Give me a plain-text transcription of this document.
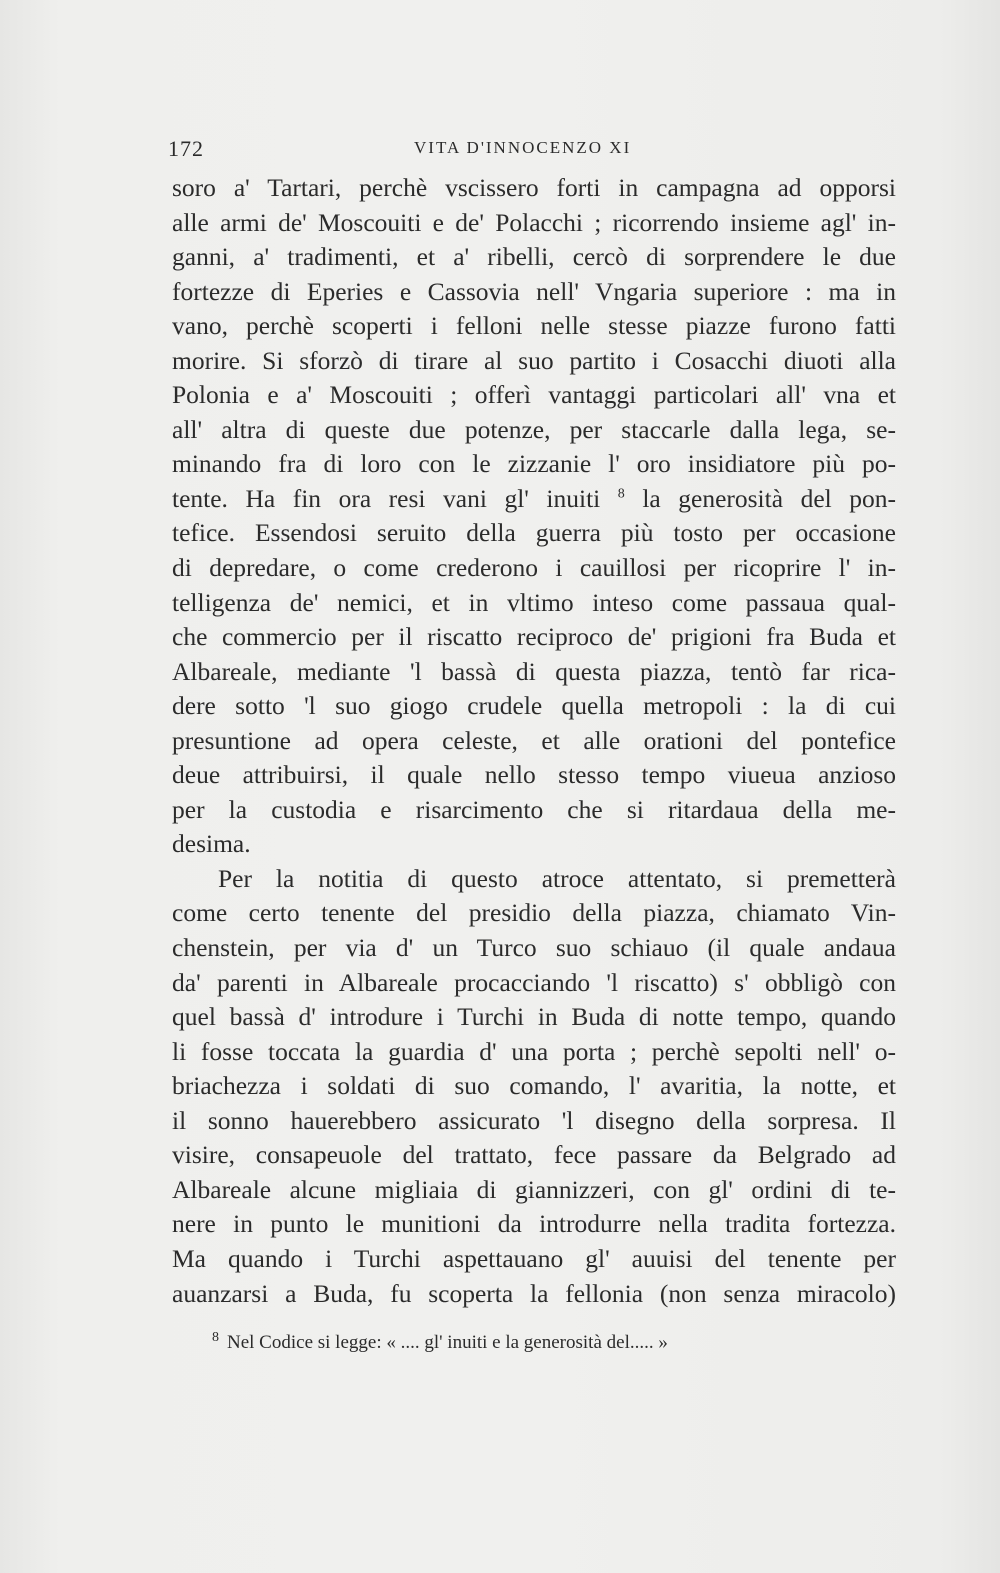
172	VITA D'INNOCENZO XI
soro a' Tartari, perchè vscissero forti in campagna ad opporsi
alle armi de' Moscouiti e de' Polacchi ; ricorrendo insieme agl' in-
ganni, a' tradimenti, et a' ribelli, cercò di sorprendere le due
fortezze di Eperies e Cassovia nell' Vngaria superiore : ma in
vano, perchè scoperti i felloni nelle stesse piazze furono fatti
morire. Si sforzò di tirare al suo partito i Cosacchi diuoti alla
Polonia e a' Moscouiti ; offerì vantaggi particolari all' vna et
all' altra di queste due potenze, per staccarle dalla lega, se-
minando fra di loro con le zizzanie l' oro insidiatore più po-
tente. Ha fin ora resi vani gl' inuiti $^8$ la generosità del pon-
tefice. Essendosi seruito della guerra più tosto per occasione
di depredare, o come crederono i cauillosi per ricoprire l' in-
telligenza de' nemici, et in vltimo inteso come passaua qual-
che commercio per il riscatto reciproco de' prigioni fra Buda et
Albareale, mediante 'l bassà di questa piazza, tentò far rica-
dere sotto 'l suo giogo crudele quella metropoli : la di cui
presuntione ad opera celeste, et alle orationi del pontefice
deue attribuirsi, il quale nello stesso tempo viueua anzioso
per la custodia e risarcimento che si ritardaua della me-
desima.
Per la notitia di questo atroce attentato, si premetterà
come certo tenente del presidio della piazza, chiamato Vin-
chenstein, per via d' un Turco suo schiauo (il quale andaua
da' parenti in Albareale procacciando 'l riscatto) s' obbligò con
quel bassà d' introdure i Turchi in Buda di notte tempo, quando
li fosse toccata la guardia d' una porta ; perchè sepolti nell' o-
briachezza i soldati di suo comando, l' avaritia, la notte, et
il sonno hauerebbero assicurato 'l disegno della sorpresa. Il
visire, consapeuole del trattato, fece passare da Belgrado ad
Albareale alcune migliaia di giannizzeri, con gl' ordini di te-
nere in punto le munitioni da introdurre nella tradita fortezza.
Ma quando i Turchi aspettauano gl' auuisi del tenente per
auanzarsi a Buda, fu scoperta la fellonia (non senza miracolo)
$^8$ Nel Codice si legge: « .... gl' inuiti e la generosità del..... »
